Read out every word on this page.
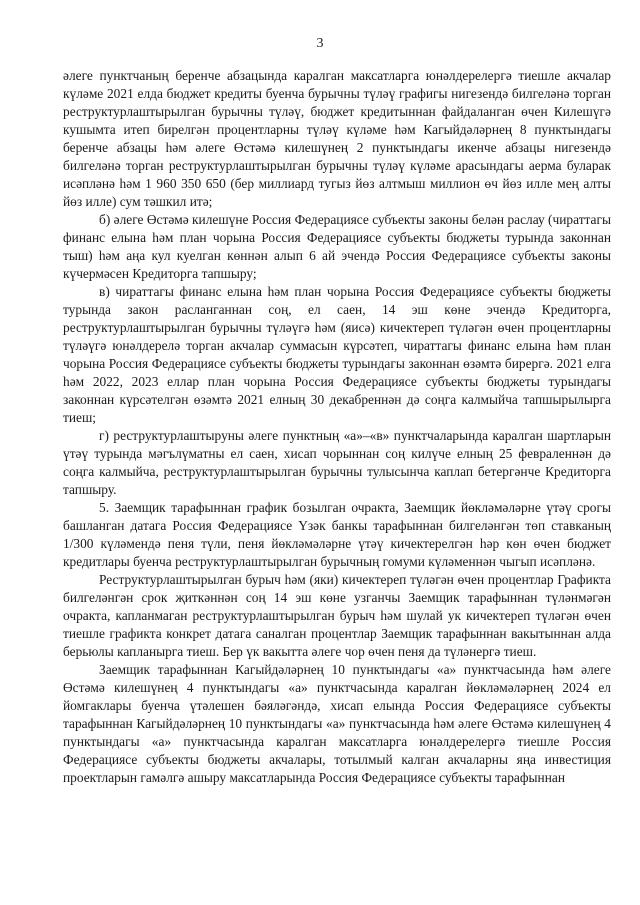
3

әлеге пунктчаның беренче абзацында каралган максатларга юнәлдерелергә тиешле акчалар күләме 2021 елда бюджет кредиты буенча бурычны түләү графигы нигезендә билгеләнә торган реструктурлаштырылган бурычны түләү, бюджет кредитыннан файдаланган өчен Килешүгә кушымта итеп бирелгән процентларны түләү күләме һәм Кагыйдәләрнең 8 пунктындагы беренче абзацы һәм әлеге Өстәмә килешүнең 2 пунктындагы икенче абзацы нигезендә билгеләнә торган реструктурлаштырылган бурычны түләү күләме арасындагы аерма буларак исәпләнә һәм 1 960 350 650 (бер миллиард тугыз йөз алтмыш миллион өч йөз илле мең алты йөз илле) сум тәшкил итә;

б) әлеге Өстәмә килешүне Россия Федерациясе субъекты законы белән раслау (чираттагы финанс елына һәм план чорына Россия Федерациясе субъекты бюджеты турында законнан тыш) һәм аңа кул куелган көннән алып 6 ай эчендә Россия Федерациясе субъекты законы күчермәсен Кредиторга тапшыру;

в) чираттагы финанс елына һәм план чорына Россия Федерациясе субъекты бюджеты турында закон расланганнан соң, ел саен, 14 эш көне эчендә Кредиторга, реструктурлаштырылган бурычны түләүгә һәм (яисә) кичектереп түләгән өчен процентларны түләүгә юнәлдерелә торган акчалар суммасын күрсәтеп, чираттагы финанс елына һәм план чорына Россия Федерациясе субъекты бюджеты турындагы законнан өзәмтә бирергә. 2021 елга һәм 2022, 2023 еллар план чорына Россия Федерациясе субъекты бюджеты турындагы законнан күрсәтелгән өзәмтә 2021 елның 30 декабреннән дә соңга калмыйча тапшырылырга тиеш;

г) реструктурлаштыруны әлеге пунктның «а»–«в» пунктчаларында каралган шартларын үтәү турында мәгълүматны ел саен, хисап чорыннан соң килүче елның 25 февраленнән дә соңга калмыйча, реструктурлаштырылган бурычны тулысынча каплап бетергәнче Кредиторга тапшыру.

5. Заемщик тарафыннан график бозылган очракта, Заемщик йөкләмәләрне үтәү срогы башланган датага Россия Федерациясе Үзәк банкы тарафыннан билгеләнгән төп ставканың 1/300 күләмендә пеня түли, пеня йөкләмәләрне үтәү кичектерелгән һәр көн өчен бюджет кредитлары буенча реструктурлаштырылган бурычның гомуми күләменнән чыгып исәпләнә.

Реструктурлаштырылган бурыч һәм (яки) кичектереп түләгән өчен процентлар Графикта билгеләнгән срок җиткәннән соң 14 эш көне узганчы Заемщик тарафыннан түләнмәгән очракта, капланмаган реструктурлаштырылган бурыч һәм шулай ук кичектереп түләгән өчен тиешле графикта конкрет датага саналган процентлар Заемщик тарафыннан вакытыннан алда берьюлы капланырга тиеш. Бер үк вакытта әлеге чор өчен пеня да түләнергә тиеш.

Заемщик тарафыннан Кагыйдәләрнең 10 пунктындагы «а» пунктчасында һәм әлеге Өстәмә килешүнең 4 пунктындагы «а» пунктчасында каралган йөкләмәләрнең 2024 ел йомгаклары буенча үтәлешен бәяләгәндә, хисап елында Россия Федерациясе субъекты тарафыннан Кагыйдәләрнең 10 пунктындагы «а» пунктчасында һәм әлеге Өстәмә килешүнең 4 пунктындагы «а» пунктчасында каралган максатларга юнәлдерелергә тиешле Россия Федерациясе субъекты бюджеты акчалары, тотылмый калган акчаларны яңа инвестиция проектларын гамәлгә ашыру максатларында Россия Федерациясе субъекты тарафыннан
